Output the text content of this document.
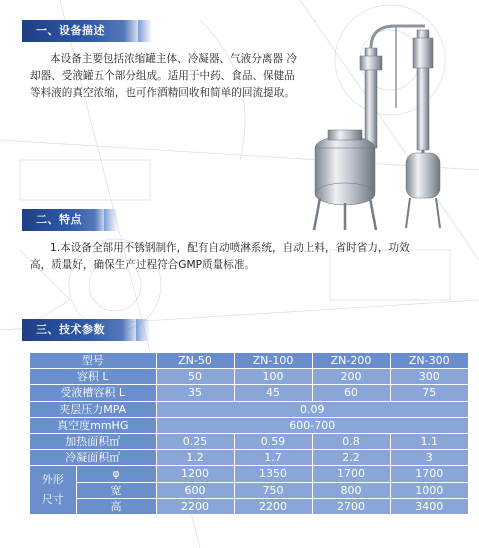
一、设备描述
本设备主要包括浓缩罐主体、冷凝器、气液分离器 冷却器、受液罐五个部分组成。适用于中药、食品、保健品等料液的真空浓缩，也可作酒精回收和简单的回流提取。
二、特点
1.本设备全部用不锈钢制作，配有自动喷淋系统，自动上料，省时省力，功效高，质量好，确保生产过程符合GMP质量标准。
三、技术参数
型号		ZN-50	ZN-100	ZN-200	ZN-300
容积 L		50	100	200	300
受液槽容积 L		35	45	60	75
夹层压力MPA		0.09			
真空度mmHG		600-700			
加热面积㎡		0.25	0.59	0.8	1.1
冷凝面积㎡		1.2	1.7	2.2	3
外形
尺寸	φ	1200	1350	1700	1700
	宽	600	750	800	1000
	高	2200	2200	2700	3400
